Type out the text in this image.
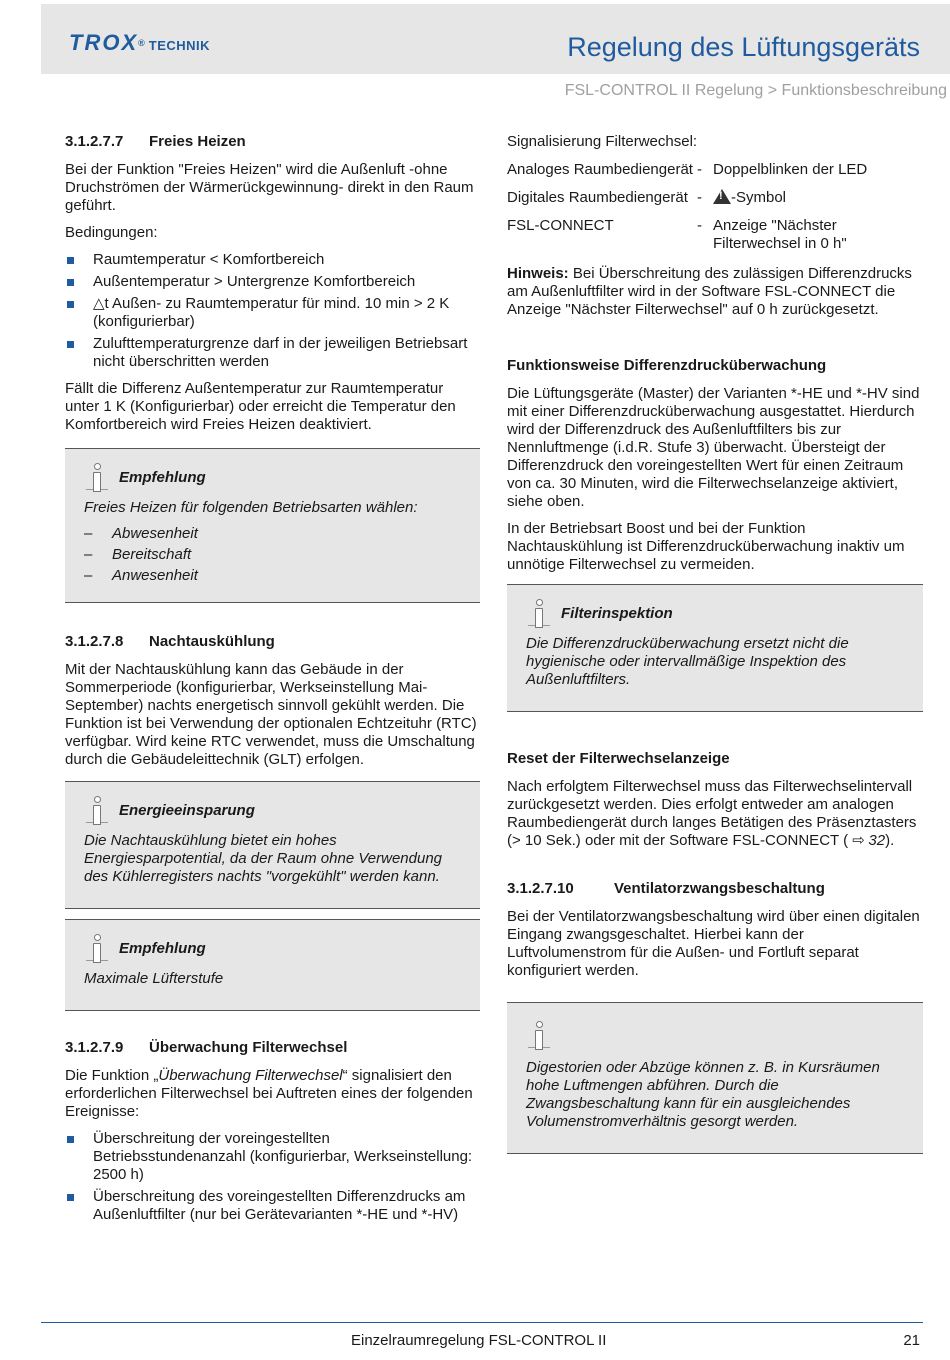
TROX® TECHNIK	Regelung des Lüftungsgeräts
FSL-CONTROL II Regelung > Funktionsbeschreibung
3.1.2.7.7 Freies Heizen

Bei der Funktion "Freies Heizen" wird die Außenluft -ohne Druchströmen der Wärmerückgewinnung- direkt in den Raum geführt.

Bedingungen:

Raumtemperatur < Komfortbereich
Außentemperatur > Untergrenze Komfortbereich
△t Außen- zu Raumtemperatur für mind. 10 min > 2 K (konfigurierbar)
Zulufttemperaturgrenze darf in der jeweiligen Betriebsart nicht überschritten werden

Fällt die Differenz Außentemperatur zur Raumtemperatur unter 1 K (Konfigurierbar) oder erreicht die Temperatur den Komfortbereich wird Freies Heizen deaktiviert.

Empfehlung

Freies Heizen für folgenden Betriebsarten wählen:

– Abwesenheit
– Bereitschaft
– Anwesenheit
3.1.2.7.8 Nachtauskühlung

Mit der Nachtauskühlung kann das Gebäude in der Sommerperiode (konfigurierbar, Werkseinstellung Mai-September) nachts energetisch sinnvoll gekühlt werden. Die Funktion ist bei Verwendung der optionalen Echtzeituhr (RTC) verfügbar. Wird keine RTC verwendet, muss die Umschaltung durch die Gebäudeleittechnik (GLT) erfolgen.

Energieeinsparung

Die Nachtauskühlung bietet ein hohes Energiesparpotential, da der Raum ohne Verwendung des Kühlerregisters nachts "vorgekühlt" werden kann.

Empfehlung

Maximale Lüfterstufe

3.1.2.7.9 Überwachung Filterwechsel

Die Funktion „Überwachung Filterwechsel“ signalisiert den erforderlichen Filterwechsel bei Auftreten eines der folgenden Ereignisse:

Überschreitung der voreingestellten Betriebsstundenanzahl (konfigurierbar, Werkseinstellung: 2500 h)
Überschreitung des voreingestellten Differenzdrucks am Außenluftfilter (nur bei Gerätevarianten *-HE und *-HV)

Signalisierung Filterwechsel:

Analoges Raumbediengerät	-	Doppelblinken der LED
Digitales Raumbediengerät	-	!-Symbol
FSL-CONNECT	-	Anzeige "Nächster Filterwechsel in 0 h"

Hinweis: Bei Überschreitung des zulässigen Differenzdrucks am Außenluftfilter wird in der Software FSL-CONNECT die Anzeige "Nächster Filterwechsel" auf 0 h zurückgesetzt.

Funktionsweise Differenzdrucküberwachung

Die Lüftungsgeräte (Master) der Varianten *-HE und *-HV sind mit einer Differenzdrucküberwachung ausgestattet. Hierdurch wird der Differenzdruck des Außenluftfilters bis zur Nennluftmenge (i.d.R. Stufe 3) überwacht. Übersteigt der Differenzdruck den voreingestellten Wert für einen Zeitraum von ca. 30 Minuten, wird die Filterwechselanzeige aktiviert, siehe oben.

In der Betriebsart Boost und bei der Funktion Nachtauskühlung ist Differenzdrucküberwachung inaktiv um unnötige Filterwechsel zu vermeiden.

Filterinspektion

Die Differenzdrucküberwachung ersetzt nicht die hygienische oder intervallmäßige Inspektion des Außenluftfilters.

Reset der Filterwechselanzeige

Nach erfolgtem Filterwechsel muss das Filterwechselintervall zurückgesetzt werden. Dies erfolgt entweder am analogen Raumbediengerät durch langes Betätigen des Präsenztasters (> 10 Sek.) oder mit der Software FSL-CONNECT ( ⇨ 32).

3.1.2.7.10	Ventilatorzwangsbeschaltung

Bei der Ventilatorzwangsbeschaltung wird über einen digitalen Eingang zwangsgeschaltet. Hierbei kann der Luftvolumenstrom für die Außen- und Fortluft separat konfiguriert werden.

Digestorien oder Abzüge können z. B. in Kursräumen hohe Luftmengen abführen. Durch die Zwangsbeschaltung kann für ein ausgleichendes Volumenstromverhältnis gesorgt werden.

Einzelraumregelung FSL-CONTROL II	21
